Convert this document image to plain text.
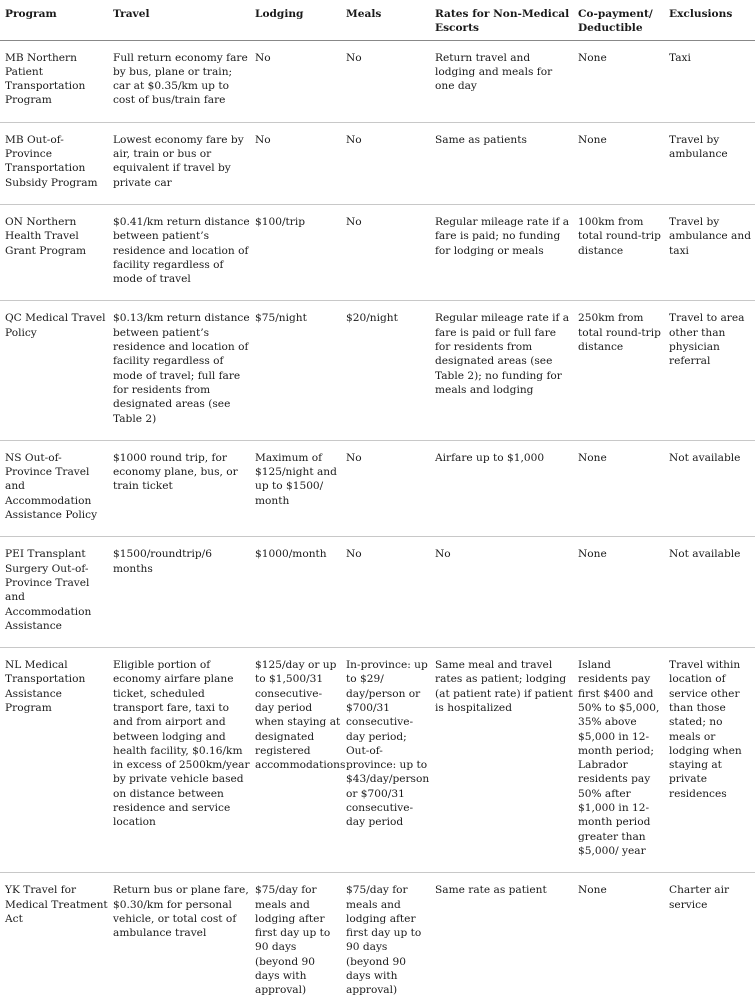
Program	Travel	Lodging	Meals	Rates for Non-Medical Escorts	Co-payment/ Deductible	Exclusions
MB Northern Patient Transportation Program	Full return economy fare by bus, plane or train; car at $0.35/km up to cost of bus/train fare	No	No	Return travel and lodging and meals for one day	None	Taxi
MB Out-of-Province Transportation Subsidy Program	Lowest economy fare by air, train or bus or equivalent if travel by private car	No	No	Same as patients	None	Travel by ambulance
ON Northern Health Travel Grant Program	$0.41/km return distance between patient’s residence and location of facility regardless of mode of travel	$100/trip	No	Regular mileage rate if a fare is paid; no funding for lodging or meals	100km from total round-trip distance	Travel by ambulance and taxi
QC Medical Travel Policy	$0.13/km return distance between patient’s residence and location of facility regardless of mode of travel; full fare for residents from designated areas (see Table 2)	$75/night	$20/night	Regular mileage rate if a fare is paid or full fare for residents from designated areas (see Table 2); no funding for meals and lodging	250km from total round-trip distance	Travel to area other than physician referral
NS Out-of-Province Travel and Accommodation Assistance Policy	$1000 round trip, for economy plane, bus, or train ticket	Maximum of $125/night and up to $1500/ month	No	Airfare up to $1,000	None	Not available
PEI Transplant Surgery Out-of-Province Travel and Accommodation Assistance	$1500/roundtrip/6 months	$1000/month	No	No	None	Not available
NL Medical Transportation Assistance Program	Eligible portion of economy airfare plane ticket, scheduled transport fare, taxi to and from airport and between lodging and health facility, $0.16/km in excess of 2500km/year by private vehicle based on distance between residence and service location	$125/day or up to $1,500/31 consecutive-day period when staying at designated registered accommodations	In-province: up to $29/ day/person or $700/31 consecutive-day period; Out-of-province: up to $43/day/person or $700/31 consecutive-day period	Same meal and travel rates as patient; lodging (at patient rate) if patient is hospitalized	Island residents pay first $400 and 50% to $5,000, 35% above $5,000 in 12-month period; Labrador residents pay 50% after $1,000 in 12-month period greater than $5,000/ year	Travel within location of service other than those stated; no meals or lodging when staying at private residences
YK Travel for Medical Treatment Act	Return bus or plane fare, $0.30/km for personal vehicle, or total cost of ambulance travel	$75/day for meals and lodging after first day up to 90 days (beyond 90 days with approval)	$75/day for meals and lodging after first day up to 90 days (beyond 90 days with approval)	Same rate as patient	None	Charter air service
